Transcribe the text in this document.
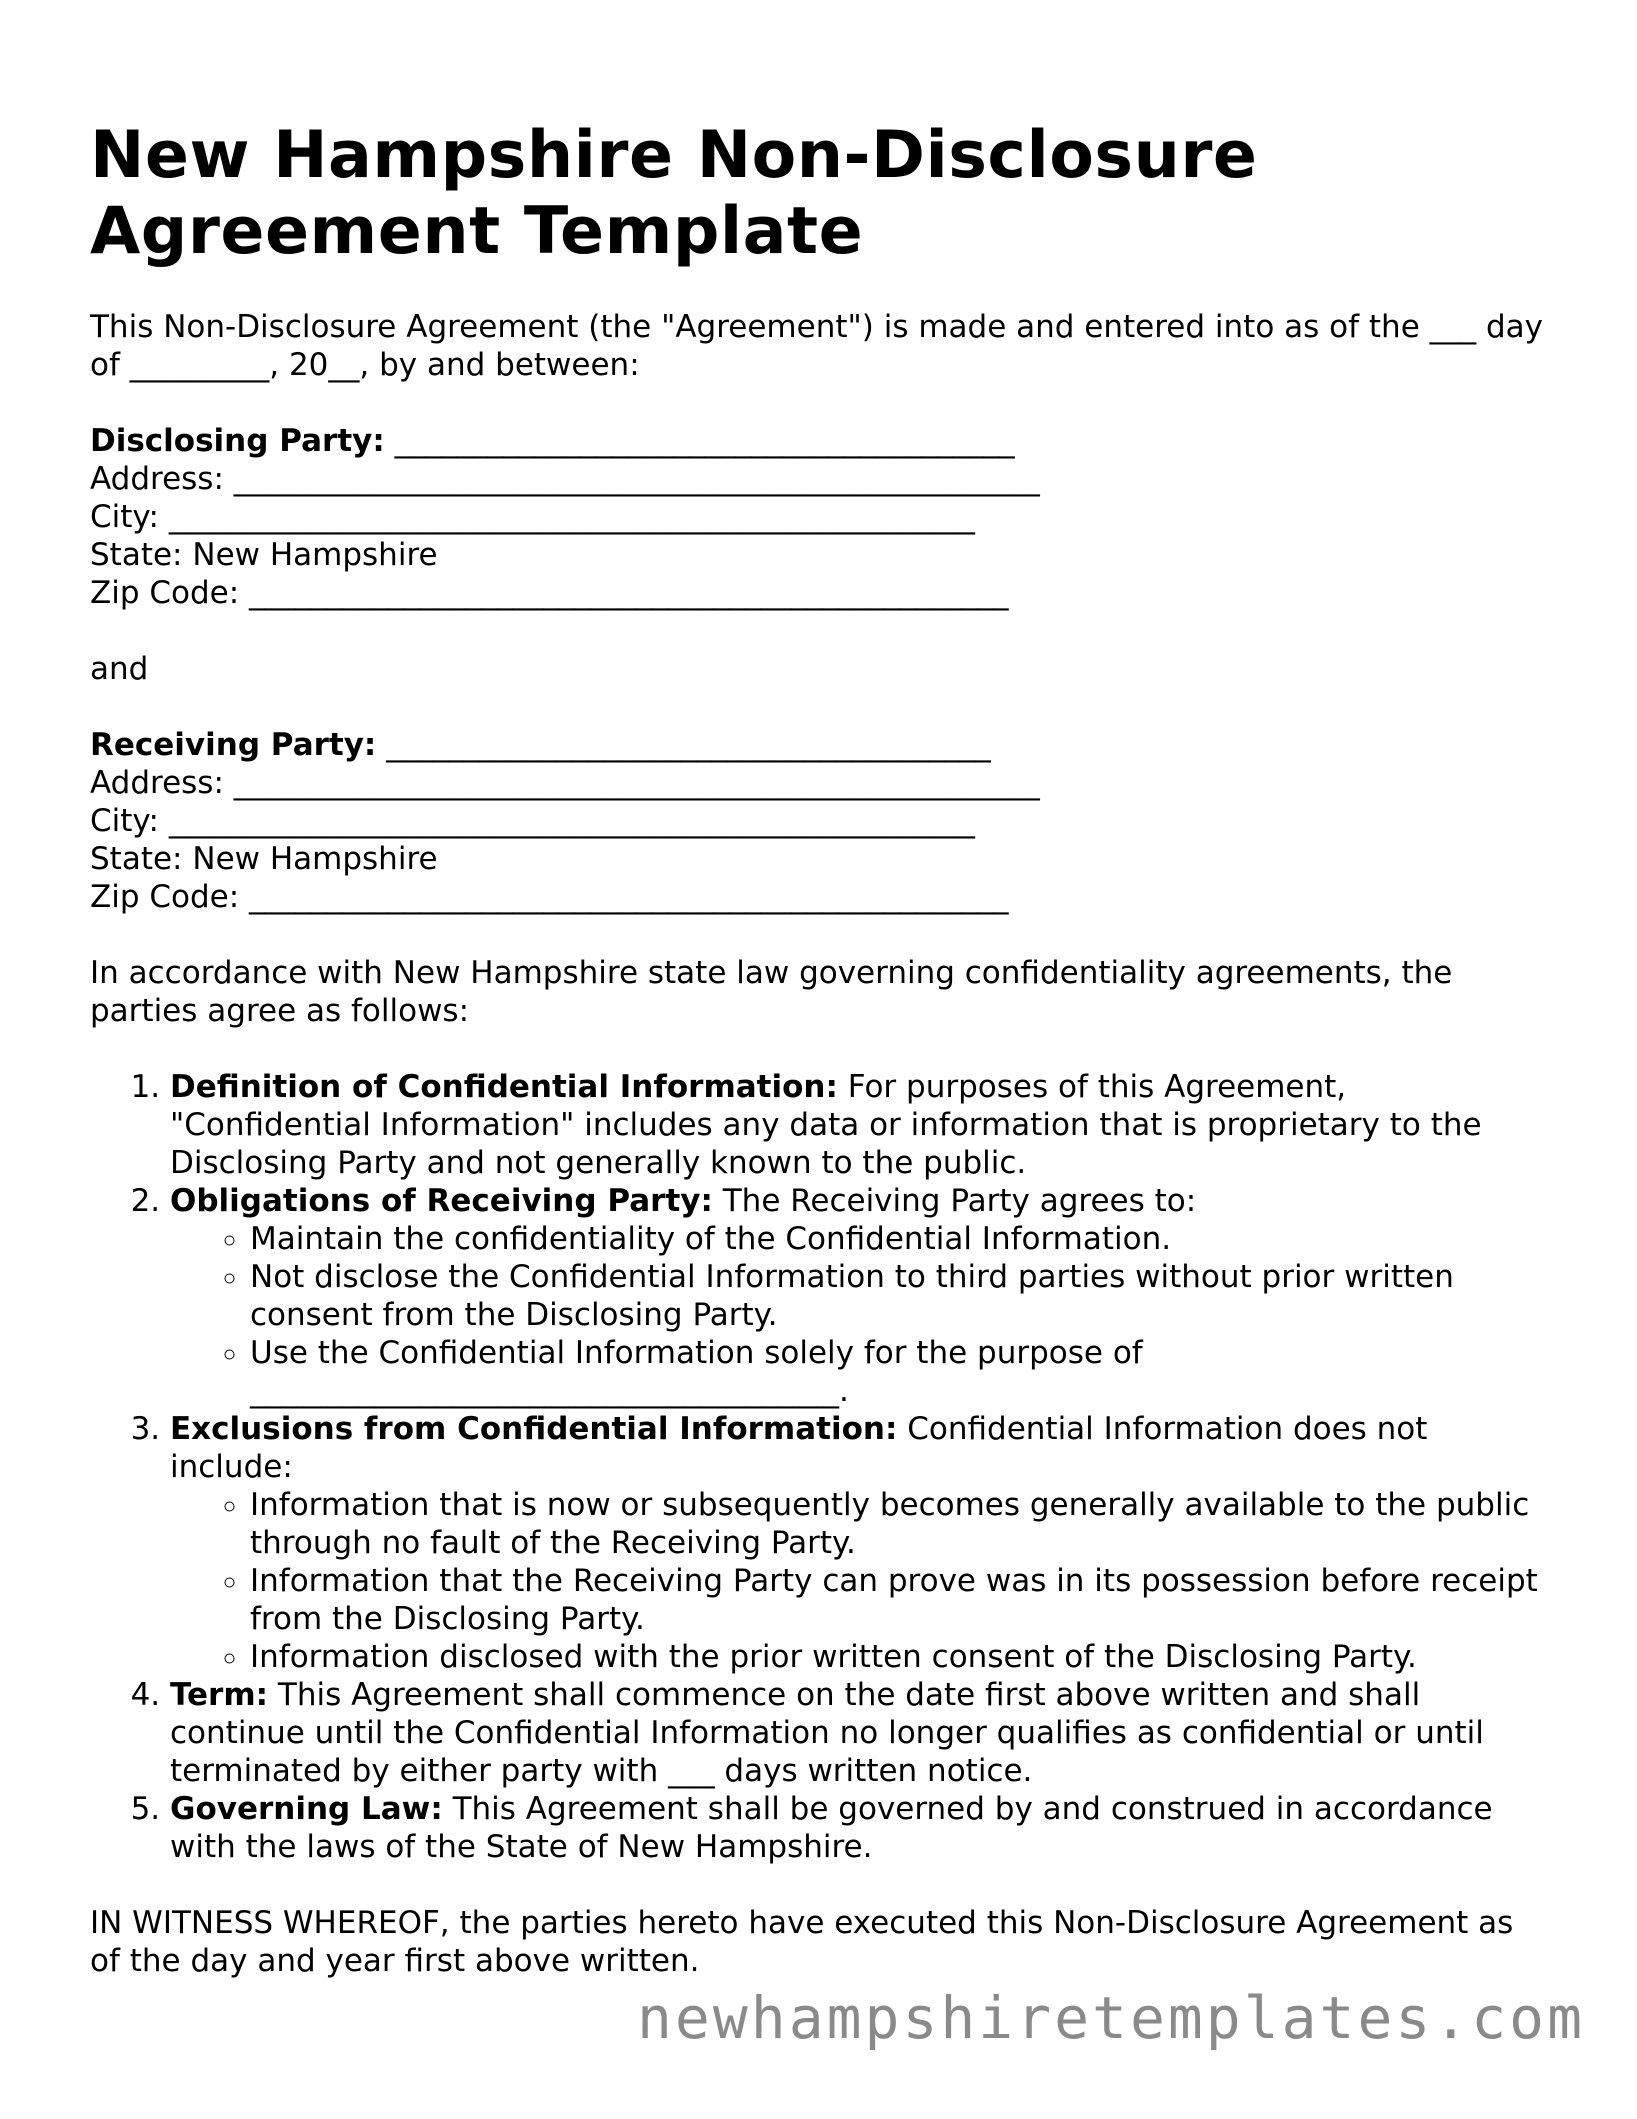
New Hampshire Non-Disclosure Agreement Template

This Non-Disclosure Agreement (the "Agreement") is made and entered into as of the ___ day of _________, 20__, by and between:

Disclosing Party: ________________________________________
Address: ____________________________________________________
City: ____________________________________________________
State: New Hampshire
Zip Code: _________________________________________________

and

Receiving Party: _______________________________________
Address: ____________________________________________________
City: ____________________________________________________
State: New Hampshire
Zip Code: _________________________________________________

In accordance with New Hampshire state law governing confidentiality agreements, the parties agree as follows:

1. Definition of Confidential Information: For purposes of this Agreement, "Confidential Information" includes any data or information that is proprietary to the Disclosing Party and not generally known to the public.
2. Obligations of Receiving Party: The Receiving Party agrees to:
◦ Maintain the confidentiality of the Confidential Information.
◦ Not disclose the Confidential Information to third parties without prior written consent from the Disclosing Party.
◦ Use the Confidential Information solely for the purpose of ______________________________________.
3. Exclusions from Confidential Information: Confidential Information does not include:
◦ Information that is now or subsequently becomes generally available to the public through no fault of the Receiving Party.
◦ Information that the Receiving Party can prove was in its possession before receipt from the Disclosing Party.
◦ Information disclosed with the prior written consent of the Disclosing Party.
4. Term: This Agreement shall commence on the date first above written and shall continue until the Confidential Information no longer qualifies as confidential or until terminated by either party with ___ days written notice.
5. Governing Law: This Agreement shall be governed by and construed in accordance with the laws of the State of New Hampshire.

IN WITNESS WHEREOF, the parties hereto have executed this Non-Disclosure Agreement as of the day and year first above written.

newhampshiretemplates.com
